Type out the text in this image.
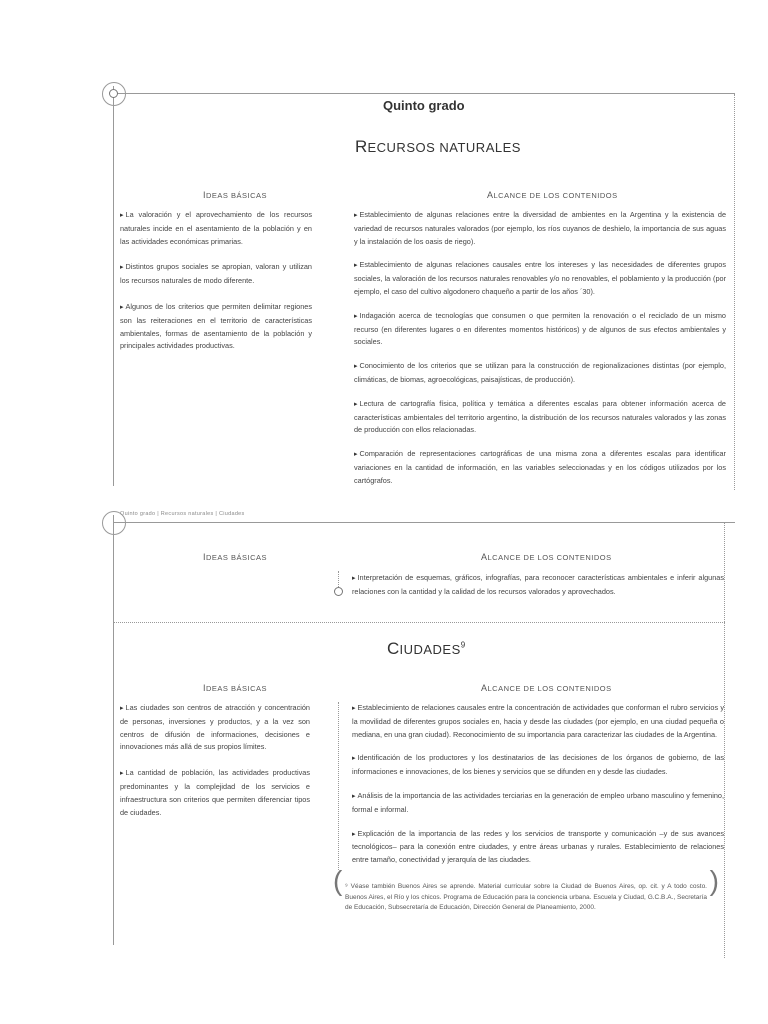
Quinto grado
RECURSOS NATURALES
IDEAS BÁSICAS	ALCANCE DE LOS CONTENIDOS
▸ La valoración y el aprovechamiento de los recursos naturales incide en el asentamiento de la población y en las actividades económicas primarias.
▸ Distintos grupos sociales se apropian, valoran y utilizan los recursos naturales de modo diferente.
▸ Algunos de los criterios que permiten delimitar regiones son las reiteraciones en el territorio de características ambientales, formas de asentamiento de la población y principales actividades productivas.
▸ Establecimiento de algunas relaciones entre la diversidad de ambientes en la Argentina y la existencia de variedad de recursos naturales valorados (por ejemplo, los ríos cuyanos de deshielo, la importancia de sus aguas y la instalación de los oasis de riego).
▸ Establecimiento de algunas relaciones causales entre los intereses y las necesidades de diferentes grupos sociales, la valoración de los recursos naturales renovables y/o no renovables, el poblamiento y la producción (por ejemplo, el caso del cultivo algodonero chaqueño a partir de los años ´30).
▸ Indagación acerca de tecnologías que consumen o que permiten la renovación o el reciclado de un mismo recurso (en diferentes lugares o en diferentes momentos históricos) y de algunos de sus efectos ambientales y sociales.
▸ Conocimiento de los criterios que se utilizan para la construcción de regionalizaciones distintas (por ejemplo, climáticas, de biomas, agroecológicas, paisajísticas, de producción).
▸ Lectura de cartografía física, política y temática a diferentes escalas para obtener información acerca de características ambientales del territorio argentino, la distribución de los recursos naturales valorados y las zonas de producción con ellos relacionadas.
▸ Comparación de representaciones cartográficas de una misma zona a diferentes escalas para identificar variaciones en la cantidad de información, en las variables seleccionadas y en los códigos utilizados por los cartógrafos.
Quinto grado | Recursos naturales | Ciudades
IDEAS BÁSICAS	ALCANCE DE LOS CONTENIDOS
▸ Interpretación de esquemas, gráficos, infografías, para reconocer características ambientales e inferir algunas relaciones con la cantidad y la calidad de los recursos valorados y aprovechados.
CIUDADES$^9$
IDEAS BÁSICAS	ALCANCE DE LOS CONTENIDOS
▸ Las ciudades son centros de atracción y concentración de personas, inversiones y productos, y a la vez son centros de difusión de informaciones, decisiones e innovaciones más allá de sus propios límites.
▸ La cantidad de población, las actividades productivas predominantes y la complejidad de los servicios e infraestructura son criterios que permiten diferenciar tipos de ciudades.
▸ Establecimiento de relaciones causales entre la concentración de actividades que conforman el rubro servicios y la movilidad de diferentes grupos sociales en, hacia y desde las ciudades (por ejemplo, en una ciudad pequeña o mediana, en una gran ciudad). Reconocimiento de su importancia para caracterizar las ciudades de la Argentina.
▸ Identificación de los productores y los destinatarios de las decisiones de los órganos de gobierno, de las informaciones e innovaciones, de los bienes y servicios que se difunden en y desde las ciudades.
▸ Análisis de la importancia de las actividades terciarias en la generación de empleo urbano masculino y femenino, formal e informal.
▸ Explicación de la importancia de las redes y los servicios de transporte y comunicación –y de sus avances tecnológicos– para la conexión entre ciudades, y entre áreas urbanas y rurales. Establecimiento de relaciones entre tamaño, conectividad y jerarquía de las ciudades.
( ⁹ Véase también Buenos Aires se aprende. Material curricular sobre la Ciudad de Buenos Aires, op. cit. y A todo costo. Buenos Aires, el Río y los chicos. Programa de Educación para la conciencia urbana. Escuela y Ciudad, G.C.B.A., Secretaría de Educación, Subsecretaría de Educación, Dirección General de Planeamiento, 2000.
)
